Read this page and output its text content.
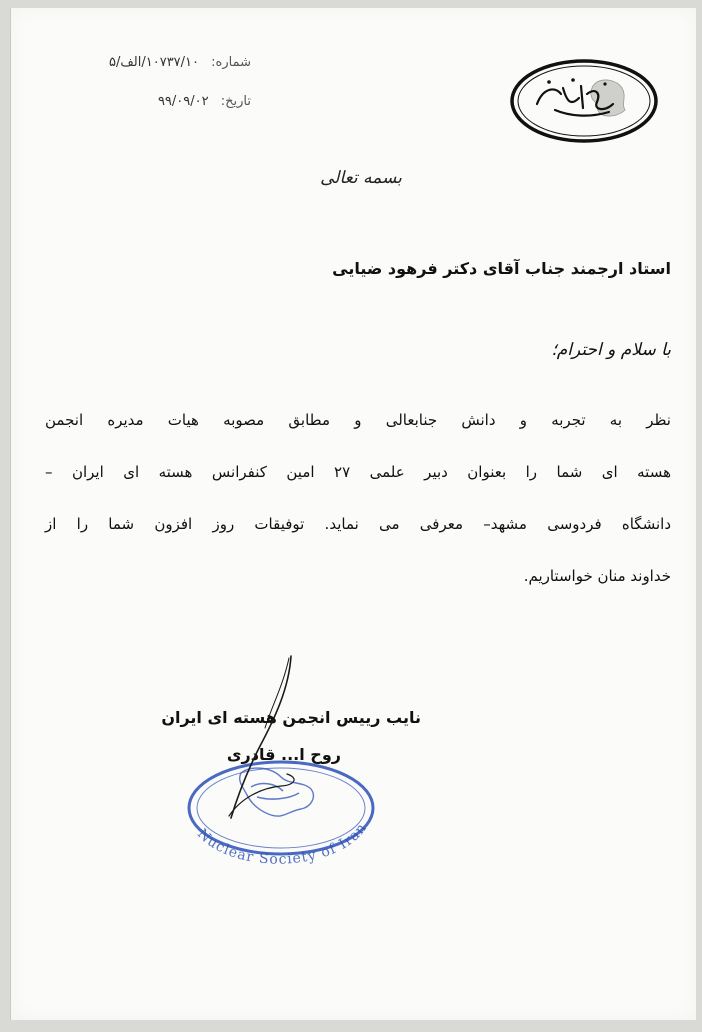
شماره: ۱۰۷۳۷/۱۰/الف/۵
تاریخ: ۹۹/۰۹/۰۲
بسمه تعالی
استاد ارجمند جناب آقای دکتر فرهود ضیایی
با سلام و احترام؛
نظر به تجربه و دانش جنابعالی و مطابق مصوبه هیات مدیره انجمن
هسته ای شما را بعنوان دبیر علمی ۲۷ امین کنفرانس هسته ای ایران –
دانشگاه فردوسی مشهد– معرفی می نماید. توفیقات روز افزون شما را از
خداوند منان خواستاریم.
Nuclear Society of Iran
نایب رییس انجمن هسته ای ایران
روح ا... قادری
